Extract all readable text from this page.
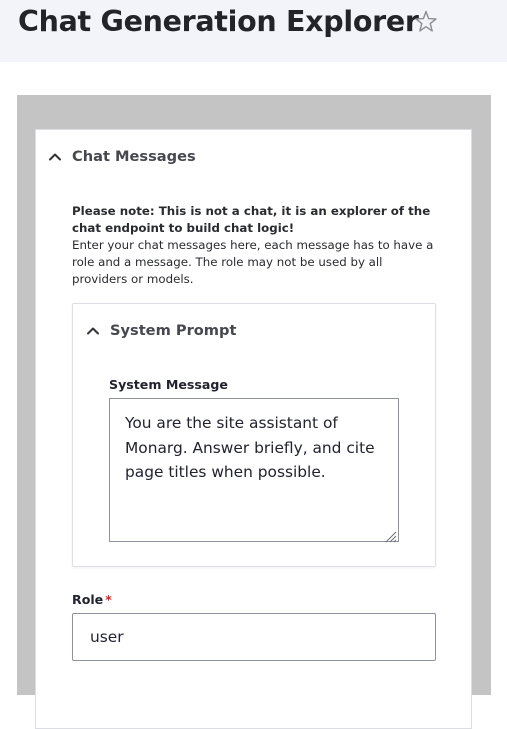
Chat Generation Explorer
Chat Messages
Please note: This is not a chat, it is an explorer of the chat endpoint to build chat logic!
Enter your chat messages here, each message has to have a role and a message. The role may not be used by all providers or models.
System Prompt
System Message
You are the site assistant of Monarg. Answer briefly, and cite page titles when possible.
Role *
user
